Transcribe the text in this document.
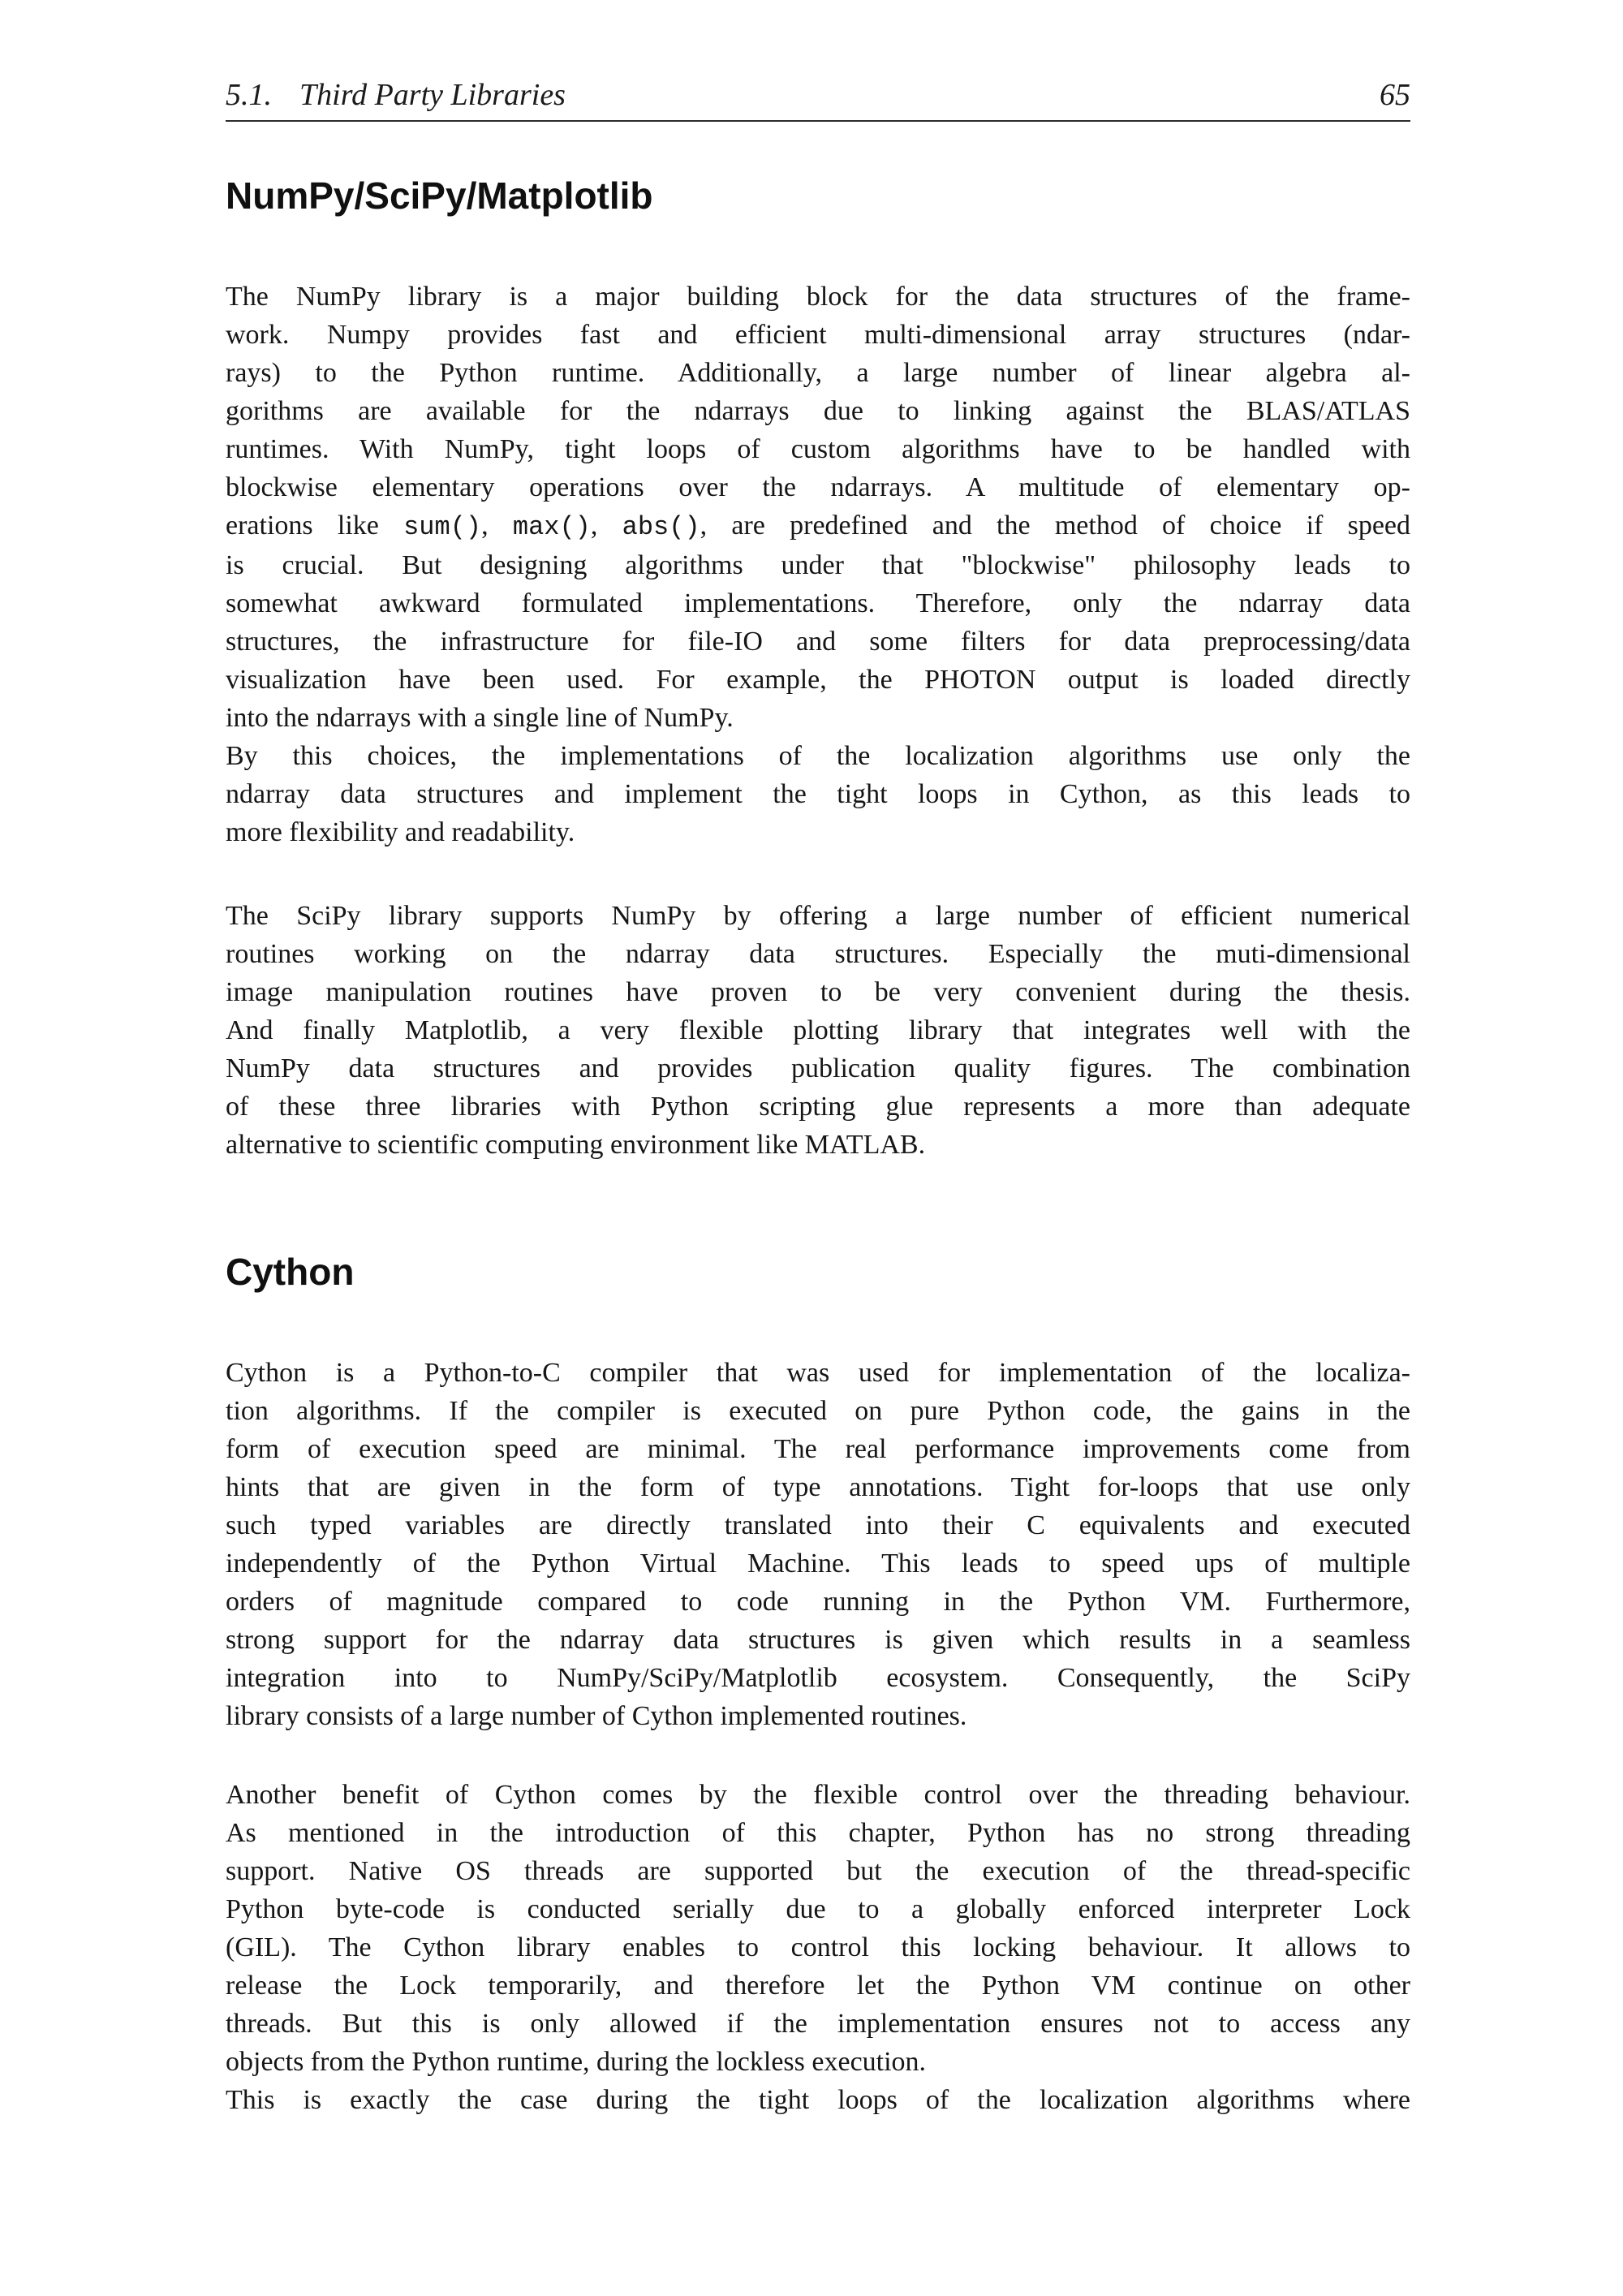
5.1. Third Party Libraries	65
NumPy/SciPy/Matplotlib
The NumPy library is a major building block for the data structures of the frame-
work. Numpy provides fast and efficient multi-dimensional array structures (ndar-
rays) to the Python runtime. Additionally, a large number of linear algebra al-
gorithms are available for the ndarrays due to linking against the BLAS/ATLAS
runtimes. With NumPy, tight loops of custom algorithms have to be handled with
blockwise elementary operations over the ndarrays. A multitude of elementary op-
erations like sum(), max(), abs(), are predefined and the method of choice if speed
is crucial. But designing algorithms under that "blockwise" philosophy leads to
somewhat awkward formulated implementations. Therefore, only the ndarray data
structures, the infrastructure for file-IO and some filters for data preprocessing/data
visualization have been used. For example, the PHOTON output is loaded directly
into the ndarrays with a single line of NumPy.
By this choices, the implementations of the localization algorithms use only the
ndarray data structures and implement the tight loops in Cython, as this leads to
more flexibility and readability.
The SciPy library supports NumPy by offering a large number of efficient numerical
routines working on the ndarray data structures. Especially the muti-dimensional
image manipulation routines have proven to be very convenient during the thesis.
And finally Matplotlib, a very flexible plotting library that integrates well with the
NumPy data structures and provides publication quality figures. The combination
of these three libraries with Python scripting glue represents a more than adequate
alternative to scientific computing environment like MATLAB.
Cython
Cython is a Python-to-C compiler that was used for implementation of the localiza-
tion algorithms. If the compiler is executed on pure Python code, the gains in the
form of execution speed are minimal. The real performance improvements come from
hints that are given in the form of type annotations. Tight for-loops that use only
such typed variables are directly translated into their C equivalents and executed
independently of the Python Virtual Machine. This leads to speed ups of multiple
orders of magnitude compared to code running in the Python VM. Furthermore,
strong support for the ndarray data structures is given which results in a seamless
integration into to NumPy/SciPy/Matplotlib ecosystem. Consequently, the SciPy
library consists of a large number of Cython implemented routines.
Another benefit of Cython comes by the flexible control over the threading behaviour.
As mentioned in the introduction of this chapter, Python has no strong threading
support. Native OS threads are supported but the execution of the thread-specific
Python byte-code is conducted serially due to a globally enforced interpreter Lock
(GIL). The Cython library enables to control this locking behaviour. It allows to
release the Lock temporarily, and therefore let the Python VM continue on other
threads. But this is only allowed if the implementation ensures not to access any
objects from the Python runtime, during the lockless execution.
This is exactly the case during the tight loops of the localization algorithms where
